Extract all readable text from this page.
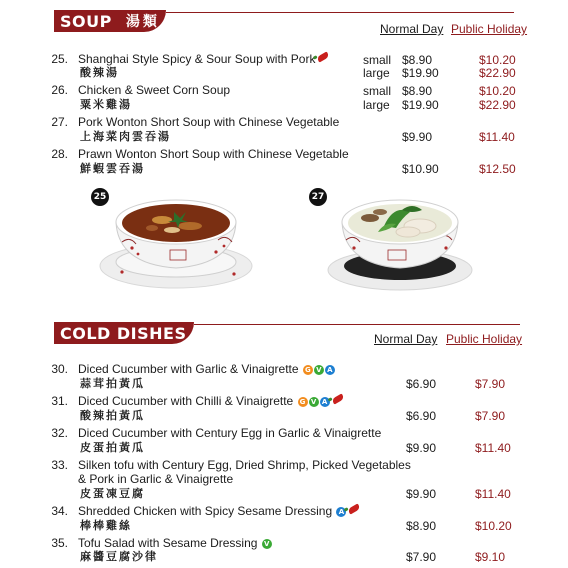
SOUP 湯類	Normal Day Public Holiday
25. Shanghai Style Spicy & Sour Soup with Pork
酸辣湯
small $8.90	$10.20
large $19.90	$22.90
26. Chicken & Sweet Corn Soup
粟米雞湯
small $8.90	$10.20
large $19.90	$22.90
27. Pork Wonton Short Soup with Chinese Vegetable
上海菜肉雲吞湯	$9.90	$11.40
28. Prawn Wonton Short Soup with Chinese Vegetable
鮮蝦雲吞湯	$10.90	$12.50
25	27
COLD DISHES	Normal Day Public Holiday
30. Diced Cucumber with Garlic & Vinaigrette G V A
蒜茸拍黃瓜	$6.90	$7.90
31. Diced Cucumber with Chilli & Vinaigrette G V A
酸辣拍黃瓜	$6.90	$7.90
32. Diced Cucumber with Century Egg in Garlic & Vinaigrette
皮蛋拍黃瓜	$9.90	$11.40
33. Silken tofu with Century Egg, Dried Shrimp, Picked Vegetables
& Pork in Garlic & Vinaigrette
皮蛋凍豆腐	$9.90	$11.40
34. Shredded Chicken with Spicy Sesame Dressing A
棒棒雞絲	$8.90	$10.20
35. Tofu Salad with Sesame Dressing V
麻醬豆腐沙律	$7.90	$9.10
